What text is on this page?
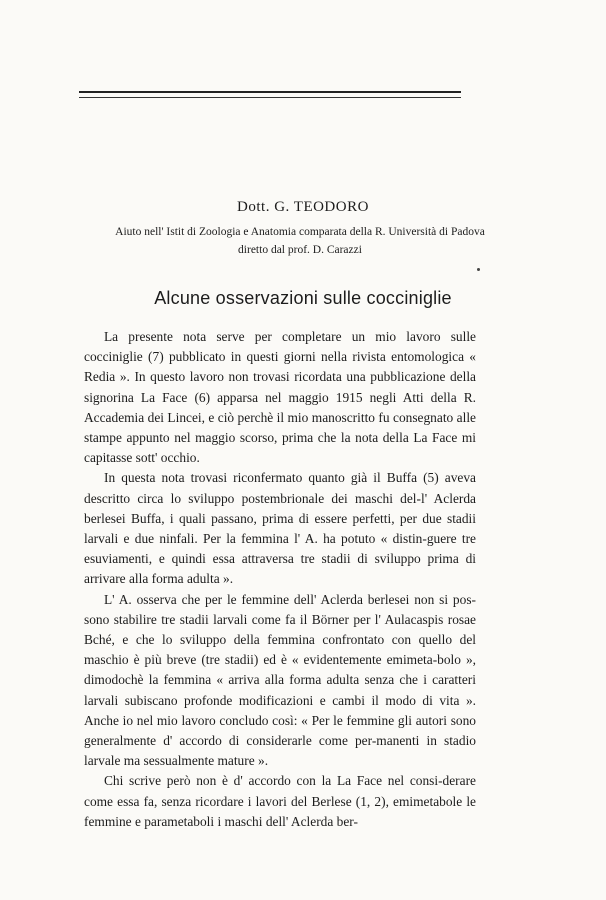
Dott. G. TEODORO
Aiuto nell' Istit di Zoologia e Anatomia comparata della R. Università di Padova
diretto dal prof. D. Carazzi
Alcune osservazioni sulle cocciniglie

La presente nota serve per completare un mio lavoro sulle cocciniglie (7) pubblicato in questi giorni nella rivista entomologica « Redia ». In questo lavoro non trovasi ricordata una pubblicazione della signorina La Face (6) apparsa nel maggio 1915 negli Atti della R. Accademia dei Lincei, e ciò perchè il mio manoscritto fu consegnato alle stampe appunto nel maggio scorso, prima che la nota della La Face mi capitasse sott' occhio.

In questa nota trovasi riconfermato quanto già il Buffa (5) aveva descritto circa lo sviluppo postembrionale dei maschi del-l' Aclerda berlesei Buffa, i quali passano, prima di essere perfetti, per due stadii larvali e due ninfali. Per la femmina l' A. ha potuto « distin-guere tre esuviamenti, e quindi essa attraversa tre stadii di sviluppo prima di arrivare alla forma adulta ».

L' A. osserva che per le femmine dell' Aclerda berlesei non si pos-sono stabilire tre stadii larvali come fa il Börner per l' Aulacaspis rosae Bché, e che lo sviluppo della femmina confrontato con quello del maschio è più breve (tre stadii) ed è « evidentemente emimeta-bolo », dimodochè la femmina « arriva alla forma adulta senza che i caratteri larvali subiscano profonde modificazioni e cambi il modo di vita ». Anche io nel mio lavoro concludo così: « Per le femmine gli autori sono generalmente d' accordo di considerarle come per-manenti in stadio larvale ma sessualmente mature ».

Chi scrive però non è d' accordo con la La Face nel consi-derare come essa fa, senza ricordare i lavori del Berlese (1, 2), emimetabole le femmine e parametaboli i maschi dell' Aclerda ber-
